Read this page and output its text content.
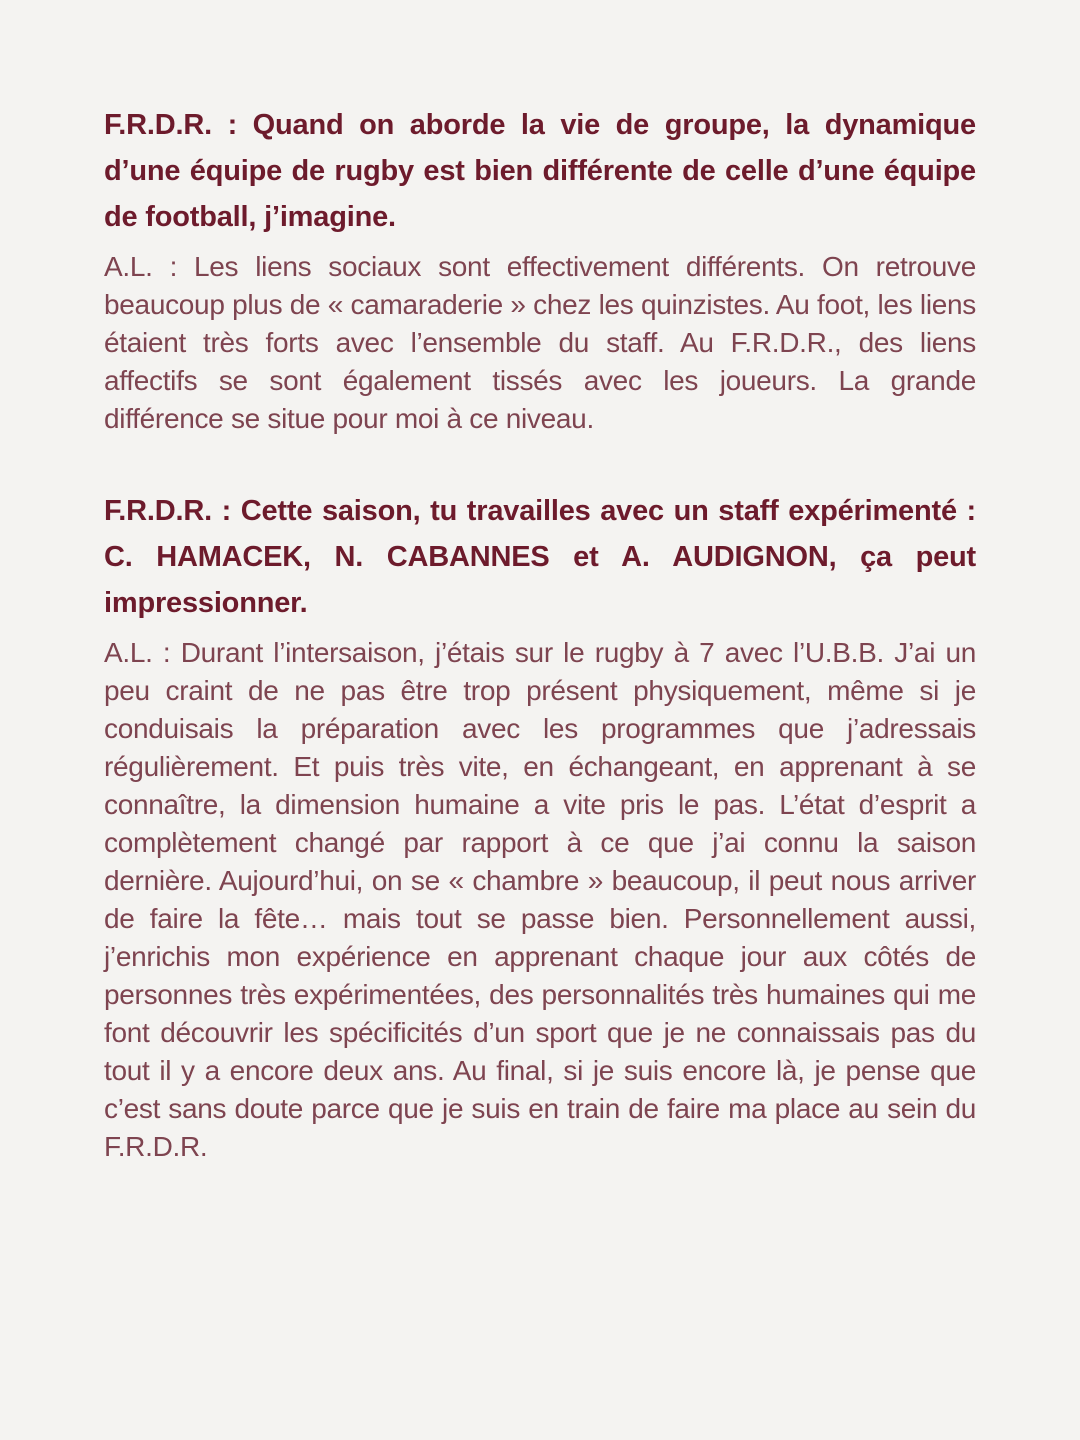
F.R.D.R. : Quand on aborde la vie de groupe, la dynamique d’une équipe de rugby est bien différente de celle d’une équipe de football, j’imagine.

A.L. : Les liens sociaux sont effectivement différents. On retrouve beaucoup plus de « camaraderie » chez les quinzistes. Au foot, les liens étaient très forts avec l’ensemble du staff. Au F.R.D.R., des liens affectifs se sont également tissés avec les joueurs. La grande différence se situe pour moi à ce niveau.

F.R.D.R. : Cette saison, tu travailles avec un staff expérimenté : C. HAMACEK, N. CABANNES et A. AUDIGNON, ça peut impressionner.

A.L. : Durant l’intersaison, j’étais sur le rugby à 7 avec l’U.B.B. J’ai un peu craint de ne pas être trop présent physiquement, même si je conduisais la préparation avec les programmes que j’adressais régulièrement. Et puis très vite, en échangeant, en apprenant à se connaître, la dimension humaine a vite pris le pas. L’état d’esprit a complètement changé par rapport à ce que j’ai connu la saison dernière. Aujourd’hui, on se « chambre » beaucoup, il peut nous arriver de faire la fête… mais tout se passe bien. Personnellement aussi, j’enrichis mon expérience en apprenant chaque jour aux côtés de personnes très expérimentées, des personnalités très humaines qui me font découvrir les spécificités d’un sport que je ne connaissais pas du tout il y a encore deux ans. Au final, si je suis encore là, je pense que c’est sans doute parce que je suis en train de faire ma place au sein du F.R.D.R.
